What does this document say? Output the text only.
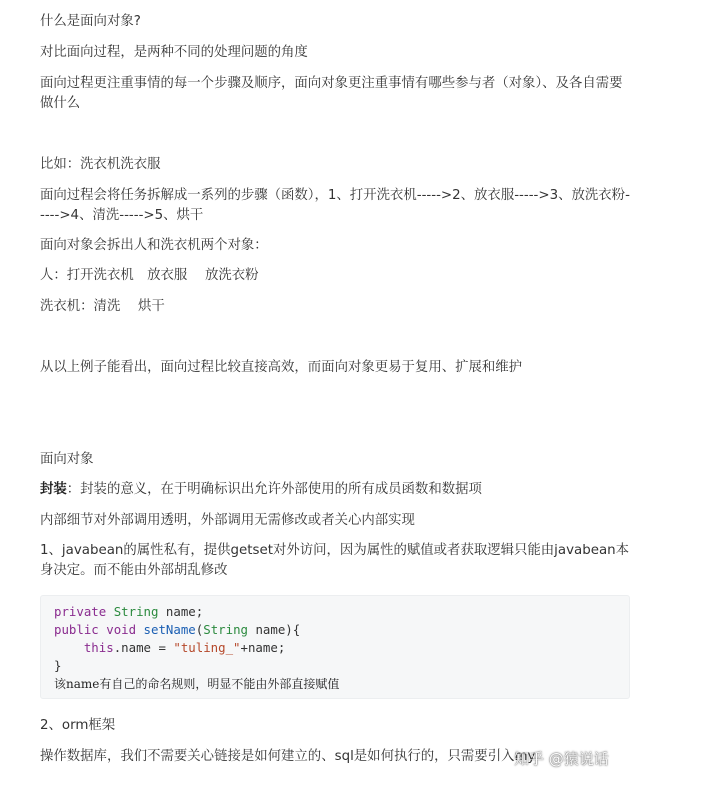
什么是面向对象?

对比面向过程，是两种不同的处理问题的角度

面向过程更注重事情的每一个步骤及顺序，面向对象更注重事情有哪些参与者（对象）、及各自需要做什么

比如：洗衣机洗衣服

面向过程会将任务拆解成一系列的步骤（函数），1、打开洗衣机----->2、放衣服----->3、放洗衣粉----->4、清洗----->5、烘干

面向对象会拆出人和洗衣机两个对象：

人：打开洗衣机　放衣服　 放洗衣粉

洗衣机：清洗　 烘干

从以上例子能看出，面向过程比较直接高效，而面向对象更易于复用、扩展和维护

面向对象

封装：封装的意义，在于明确标识出允许外部使用的所有成员函数和数据项

内部细节对外部调用透明，外部调用无需修改或者关心内部实现

1、javabean的属性私有，提供getset对外访问，因为属性的赋值或者获取逻辑只能由javabean本身决定。而不能由外部胡乱修改

private String name;
public void setName(String name){
this.name = "tuling_"+name;
}
该name有自己的命名规则，明显不能由外部直接赋值

2、orm框架

操作数据库，我们不需要关心链接是如何建立的、sql是如何执行的，只需要引入my

知乎 @猿说话
